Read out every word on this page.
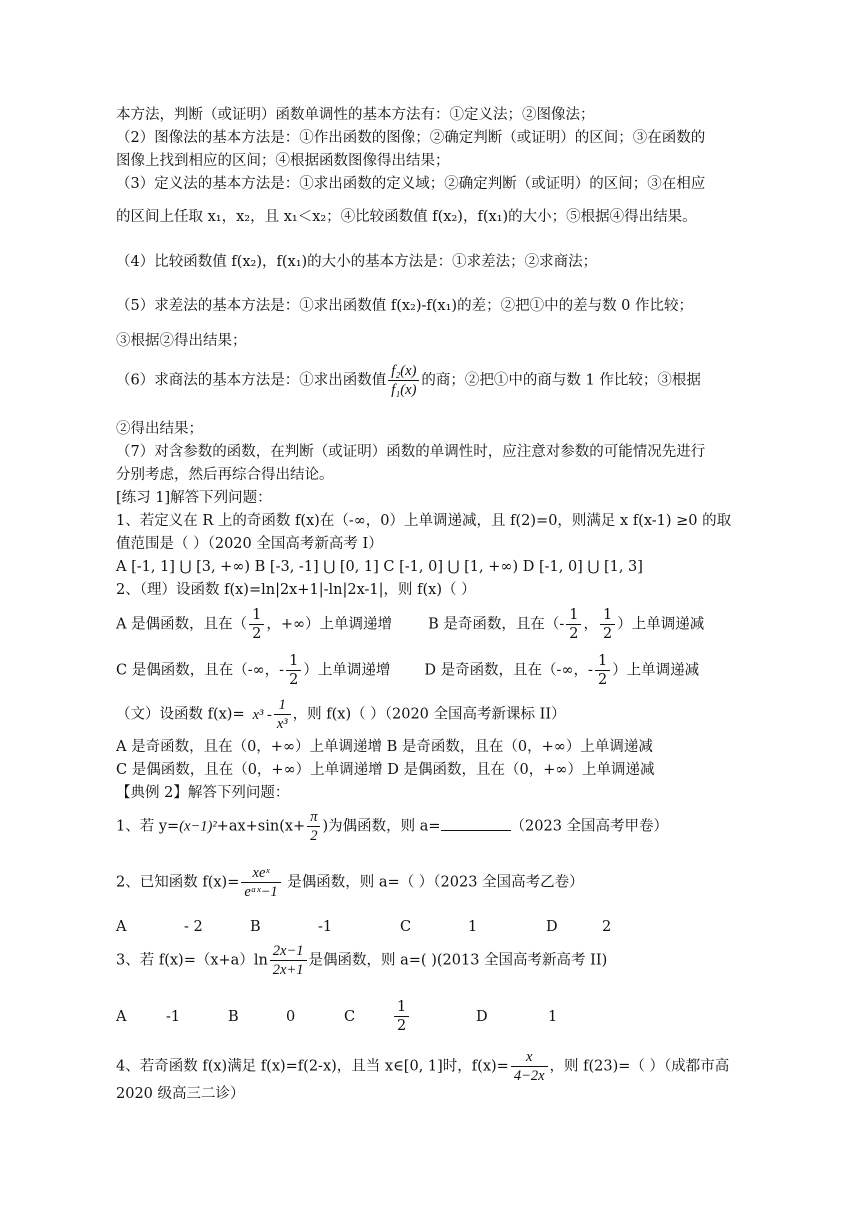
本方法，判断（或证明）函数单调性的基本方法有：①定义法；②图像法；
（2）图像法的基本方法是：①作出函数的图像；②确定判断（或证明）的区间；③在函数的
图像上找到相应的区间；④根据函数图像得出结果；
（3）定义法的基本方法是：①求出函数的定义域；②确定判断（或证明）的区间；③在相应
的区间上任取 x₁，x₂，且 x₁＜x₂；④比较函数值 f(x₂)，f(x₁)的大小；⑤根据④得出结果。
（4）比较函数值 f(x₂)，f(x₁)的大小的基本方法是：①求差法；②求商法；
（5）求差法的基本方法是：①求出函数值 f(x₂)-f(x₁)的差；②把①中的差与数 0 作比较；
③根据②得出结果；
（6）求商法的基本方法是：①求出函数值 $\frac{\text{f₂(x)}}{\text{f₁(x)}}$ 的商；②把①中的商与数 1 作比较；③根据
②得出结果；
（7）对含参数的函数，在判断（或证明）函数的单调性时，应注意对参数的可能情况先进行
分别考虑，然后再综合得出结论。
[练习 1]解答下列问题：
1、若定义在 R 上的奇函数 f(x)在（-∞，0）上单调递减，且 f(2)=0，则满足 x f(x-1) ≥0 的取
值范围是（ ）（2020 全国高考新高考 I）
A [-1, 1] ⋃ [3, +∞) B [-3, -1] ⋃ [0, 1] C [-1, 0] ⋃ [1, +∞) D [-1, 0] ⋃ [1, 3]
2、（理）设函数 f(x)=ln|2x+1|-ln|2x-1|，则 f(x)（ ）
A 是偶函数，且在（ $\frac{1}{2}$ ，+∞）上单调递增 B 是奇函数，且在（- $\frac{1}{2}$ ， $\frac{1}{2}$ ）上单调递减
C 是偶函数，且在（-∞，- $\frac{1}{2}$ ）上单调递增 D 是奇函数，且在（-∞，- $\frac{1}{2}$ ）上单调递减
（文）设函数 $f(x)= x^3 - \frac{1}{\text{x³}}$ ，则 f(x)（ ）（2020 全国高考新课标 II）
A 是奇函数，且在（0，+∞）上单调递增 B 是奇函数，且在（0，+∞）上单调递减
C 是偶函数，且在（0，+∞）上单调递增 D 是偶函数，且在（0，+∞）上单调递减
【典例 2】解答下列问题：
1、若 $y=(x-1)^2+ax+\sin(x+ \frac{\pi}{2}$ )为偶函数，则 a=	（2023 全国高考甲卷）
2、已知函数 f(x)=
xeˣ
eᵃˣ−1
是偶函数，则 a=（ ）（2023 全国高考乙卷）
A	- 2	B	-1	C	1	D	2
3、若 $f(x)=(x+a)\ln \frac{2x-1}{2x+1}$ 是偶函数，则 a=( )(2013 全国高考新高考 II)
A	-1	B	0	C	$\frac{1}{2}$	D	1
4、若奇函数 f(x)满足 f(x)=f(2-x)，且当 x∈[0, 1]时，$f(x)= \frac{x}{4-2x}$ ，则 f(23)=（ ）（成都市高
2020 级高三二诊）
